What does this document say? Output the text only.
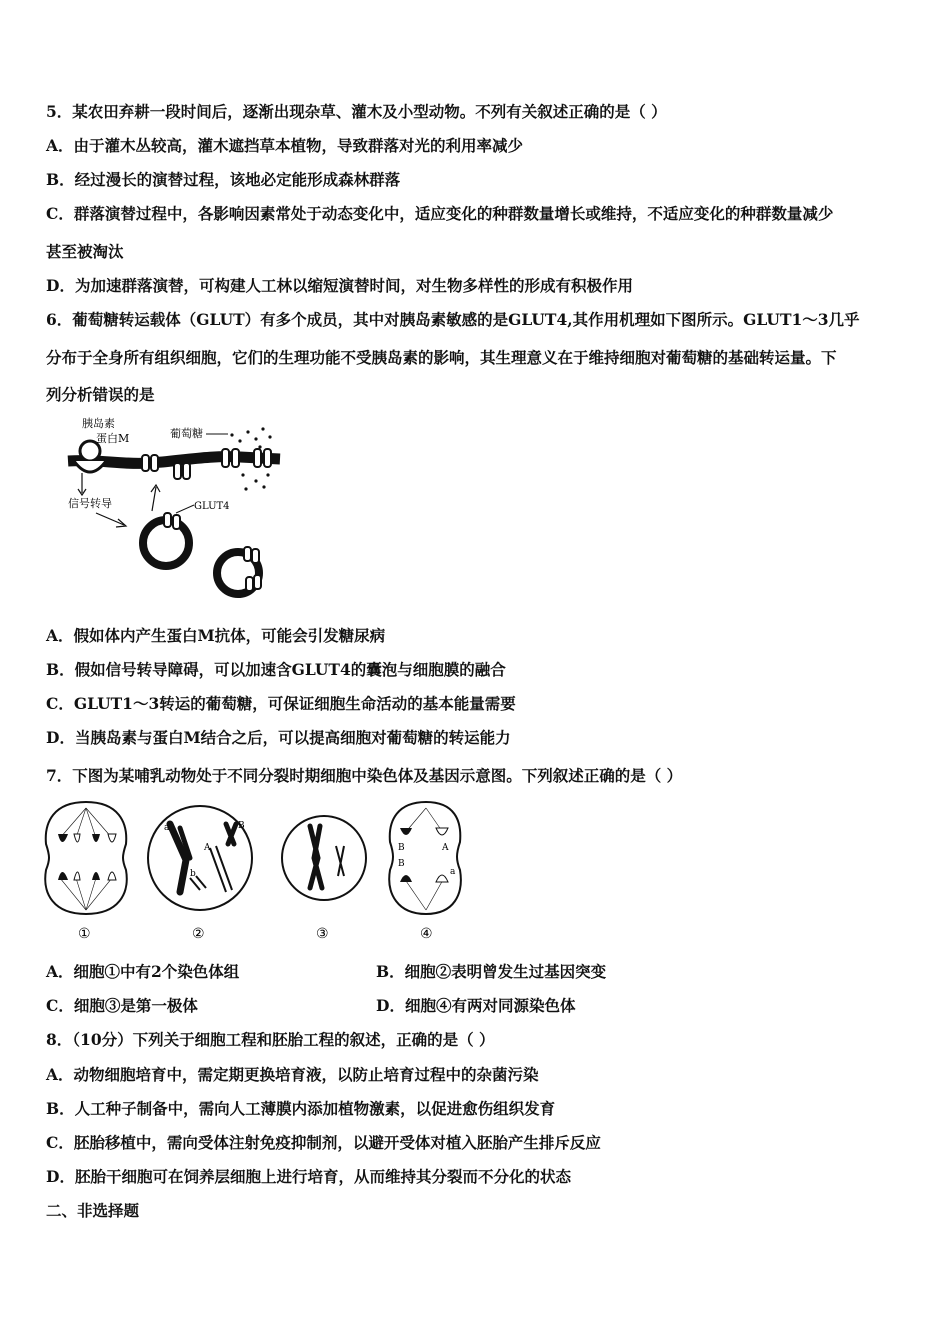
5．某农田弃耕一段时间后，逐渐出现杂草、灌木及小型动物。不列有关叙述正确的是（ ）
A．由于灌木丛较高，灌木遮挡草本植物，导致群落对光的利用率减少
B．经过漫长的演替过程，该地必定能形成森林群落
C．群落演替过程中，各影响因素常处于动态变化中，适应变化的种群数量增长或维持，不适应变化的种群数量减少
甚至被淘汰
D．为加速群落演替，可构建人工林以缩短演替时间，对生物多样性的形成有积极作用
6．葡萄糖转运载体（GLUT）有多个成员，其中对胰岛素敏感的是GLUT4,其作用机理如下图所示。GLUT1～3几乎
分布于全身所有组织细胞，它们的生理功能不受胰岛素的影响，其生理意义在于维持细胞对葡萄糖的基础转运量。下
列分析错误的是
胰岛素
蛋白M	葡萄糖
信号转导	GLUT4
A．假如体内产生蛋白M抗体，可能会引发糖尿病
B．假如信号转导障碍，可以加速含GLUT4的囊泡与细胞膜的融合
C．GLUT1～3转运的葡萄糖，可保证细胞生命活动的基本能量需要
D．当胰岛素与蛋白M结合之后，可以提高细胞对葡萄糖的转运能力
7．下图为某哺乳动物处于不同分裂时期细胞中染色体及基因示意图。下列叙述正确的是（ ）
①
a
A
B
b
②	③
B	A
B
a
④
A．细胞①中有2个染色体组	B．细胞②表明曾发生过基因突变
C．细胞③是第一极体	D．细胞④有两对同源染色体
8．（10分）下列关于细胞工程和胚胎工程的叙述，正确的是（ ）
A．动物细胞培育中，需定期更换培育液，以防止培育过程中的杂菌污染
B．人工种子制备中，需向人工薄膜内添加植物激素，以促进愈伤组织发育
C．胚胎移植中，需向受体注射免疫抑制剂，以避开受体对植入胚胎产生排斥反应
D．胚胎干细胞可在饲养层细胞上进行培育，从而维持其分裂而不分化的状态
二、非选择题
